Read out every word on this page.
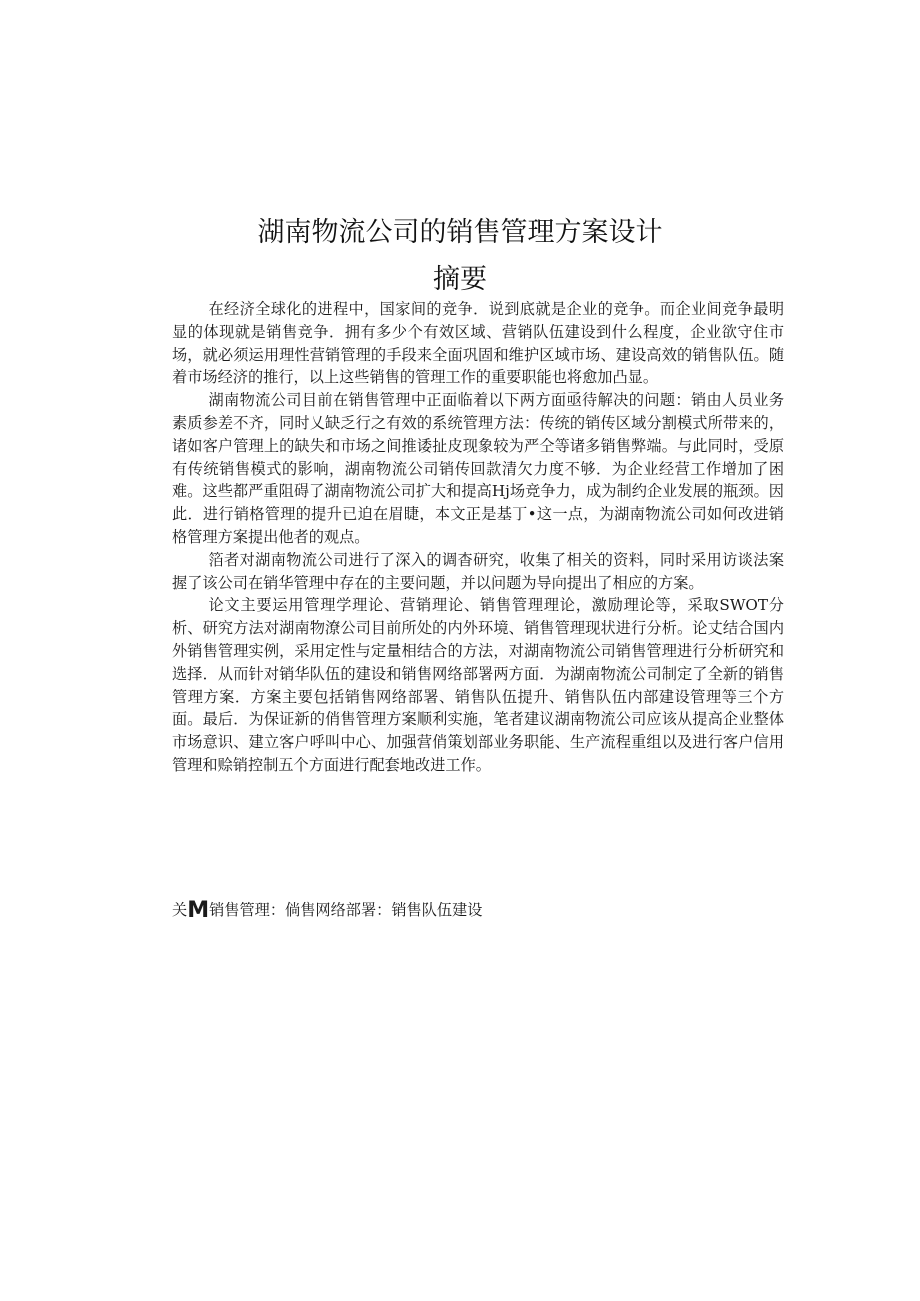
湖南物流公司的销售管理方案设计
摘要

在经济全球化的进程中，国家间的竞争．说到底就是企业的竞争。而企业间竞争最明显的体现就是销售竞争．拥有多少个有效区域、营销队伍建设到什么程度，企业欲守住市场，就必须运用理性营销管理的手段来全面巩固和维护区域市场、建设高效的销售队伍。随着市场经济的推行，以上这些销售的管理工作的重要职能也将愈加凸显。

湖南物流公司目前在销售管理中正面临着以下两方面亟待解决的问题：销由人员业务素质参差不齐，同时乂缺乏行之有效的系统管理方法：传统的销传区域分割模式所带来的，诸如客户管理上的缺失和市场之间推诿扯皮现象较为严仝等诸多销售弊端。与此同时，受原有传统销售模式的影响，湖南物流公司销传回款清欠力度不够．为企业经营工作增加了困难。这些都严重阻碍了湖南物流公司扩大和提高Hj场竞争力，成为制约企业发展的瓶颈。因此．进行销格管理的提升已迫在眉睫，本文正是基丁•这一点，为湖南物流公司如何改进销格管理方案提出他者的观点。

箔者对湖南物流公司进行了深入的调杳研究，收集了相关的资料，同时采用访谈法案握了该公司在销华管理中存在的主要问题，并以问题为导向提出了相应的方案。

论文主要运用管理学理论、营销理论、销售管理理论，激励理论等，采取SWOT分析、研究方法对湖南物潦公司目前所处的内外环境、销售管理现状进行分析。论丈结合国内外销售管理实例，采用定性与定量相结合的方法，对湖南物流公司销售管理进行分析研究和选择．从而针对销华队伍的建设和销售网络部署两方面．为湖南物流公司制定了全新的销售管理方案．方案主要包括销售网络部署、销售队伍提升、销售队伍内部建设管理等三个方面。最后．为保证新的俏售管理方案顺利实施，笔者建议湖南物流公司应该从提高企业整体市场意识、建立客户呼叫中心、加强营俏策划部业务职能、生产流程重组以及进行客户信用管理和赊销控制五个方面进行配套地改进工作。

关M销售管理：倘售网络部署：销售队伍建设
